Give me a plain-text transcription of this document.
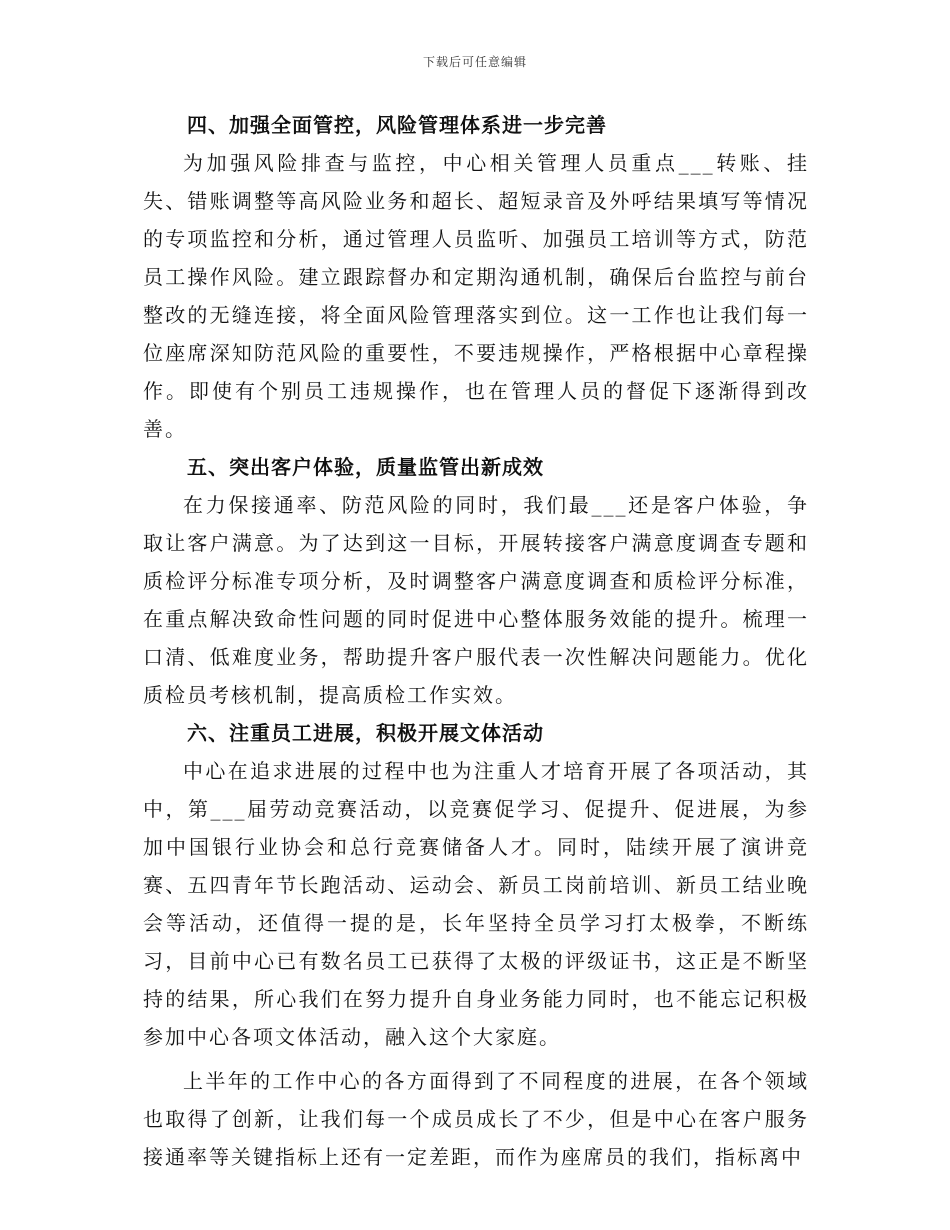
下载后可任意编辑
四、加强全面管控，风险管理体系进一步完善

为加强风险排查与监控，中心相关管理人员重点___转账、挂失、错账调整等高风险业务和超长、超短录音及外呼结果填写等情况的专项监控和分析，通过管理人员监听、加强员工培训等方式，防范员工操作风险。建立跟踪督办和定期沟通机制，确保后台监控与前台整改的无缝连接，将全面风险管理落实到位。这一工作也让我们每一位座席深知防范风险的重要性，不要违规操作，严格根据中心章程操作。即使有个别员工违规操作，也在管理人员的督促下逐渐得到改善。

五、突出客户体验，质量监管出新成效

在力保接通率、防范风险的同时，我们最___还是客户体验，争取让客户满意。为了达到这一目标，开展转接客户满意度调查专题和质检评分标准专项分析，及时调整客户满意度调查和质检评分标准，在重点解决致命性问题的同时促进中心整体服务效能的提升。梳理一口清、低难度业务，帮助提升客户服代表一次性解决问题能力。优化质检员考核机制，提高质检工作实效。

六、注重员工进展，积极开展文体活动

中心在追求进展的过程中也为注重人才培育开展了各项活动，其中，第___届劳动竞赛活动，以竞赛促学习、促提升、促进展，为参加中国银行业协会和总行竞赛储备人才。同时，陆续开展了演讲竞赛、五四青年节长跑活动、运动会、新员工岗前培训、新员工结业晚会等活动，还值得一提的是，长年坚持全员学习打太极拳，不断练习，目前中心已有数名员工已获得了太极的评级证书，这正是不断坚持的结果，所心我们在努力提升自身业务能力同时，也不能忘记积极参加中心各项文体活动，融入这个大家庭。

上半年的工作中心的各方面得到了不同程度的进展，在各个领域也取得了创新，让我们每一个成员成长了不少，但是中心在客户服务接通率等关键指标上还有一定差距，而作为座席员的我们，指标离中
